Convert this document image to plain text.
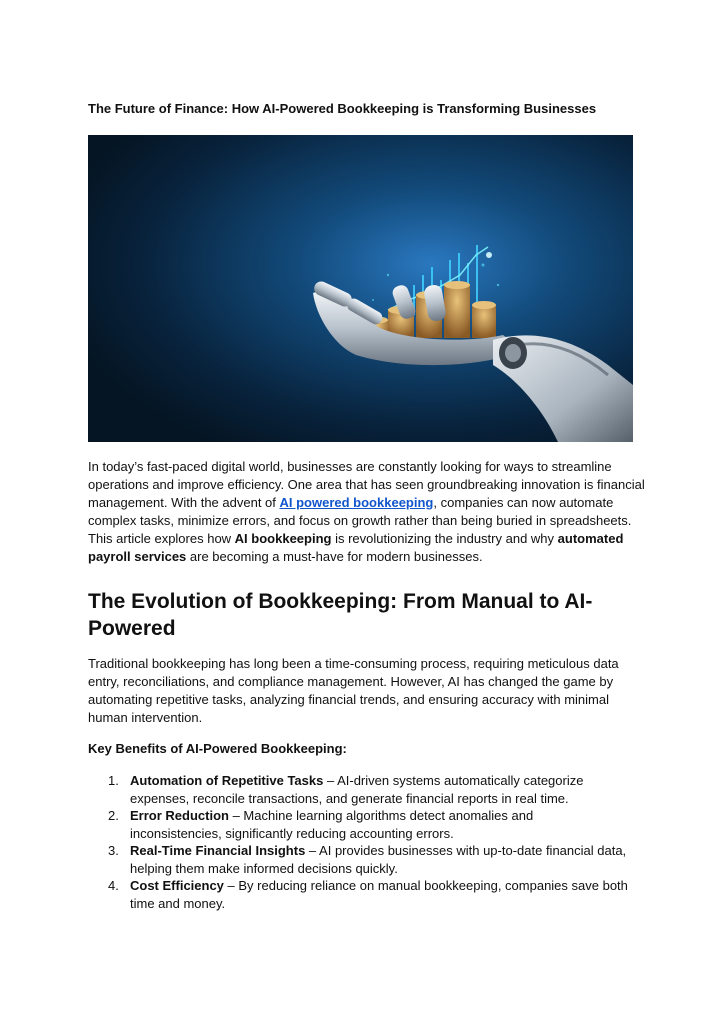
The Future of Finance: How AI-Powered Bookkeeping is Transforming Businesses

In today’s fast-paced digital world, businesses are constantly looking for ways to streamline operations and improve efficiency. One area that has seen groundbreaking innovation is financial management. With the advent of AI powered bookkeeping, companies can now automate complex tasks, minimize errors, and focus on growth rather than being buried in spreadsheets. This article explores how AI bookkeeping is revolutionizing the industry and why automated payroll services are becoming a must-have for modern businesses.

The Evolution of Bookkeeping: From Manual to AI-Powered

Traditional bookkeeping has long been a time-consuming process, requiring meticulous data entry, reconciliations, and compliance management. However, AI has changed the game by automating repetitive tasks, analyzing financial trends, and ensuring accuracy with minimal human intervention.

Key Benefits of AI-Powered Bookkeeping:
1. Automation of Repetitive Tasks – AI-driven systems automatically categorize expenses, reconcile transactions, and generate financial reports in real time.
2. Error Reduction – Machine learning algorithms detect anomalies and inconsistencies, significantly reducing accounting errors.
3. Real-Time Financial Insights – AI provides businesses with up-to-date financial data, helping them make informed decisions quickly.
4. Cost Efficiency – By reducing reliance on manual bookkeeping, companies save both time and money.
